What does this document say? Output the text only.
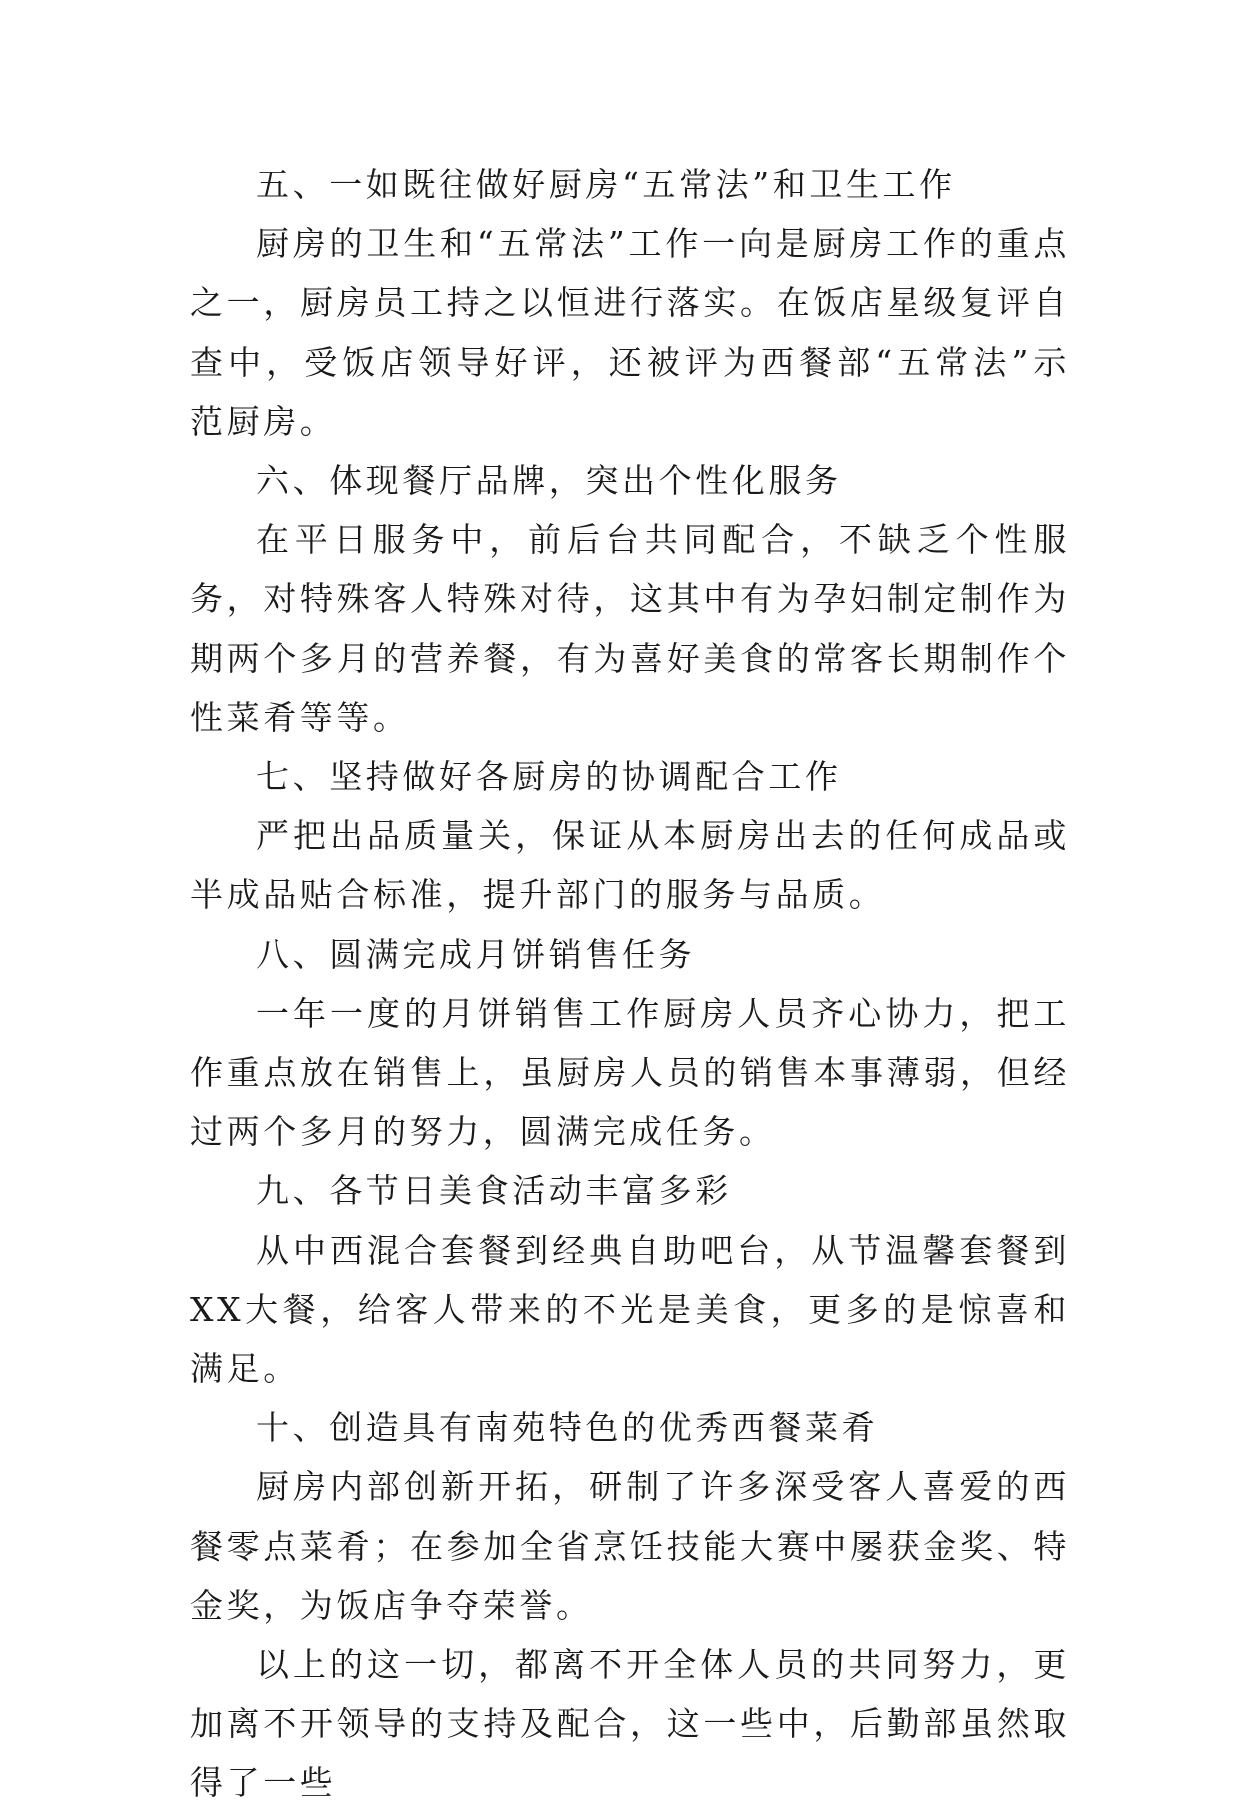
五、一如既往做好厨房“五常法”和卫生工作

厨房的卫生和“五常法”工作一向是厨房工作的重点之一，厨房员工持之以恒进行落实。在饭店星级复评自查中，受饭店领导好评，还被评为西餐部“五常法”示范厨房。

六、体现餐厅品牌，突出个性化服务

在平日服务中，前后台共同配合，不缺乏个性服务，对特殊客人特殊对待，这其中有为孕妇制定制作为期两个多月的营养餐，有为喜好美食的常客长期制作个性菜肴等等。

七、坚持做好各厨房的协调配合工作

严把出品质量关，保证从本厨房出去的任何成品或半成品贴合标准，提升部门的服务与品质。

八、圆满完成月饼销售任务

一年一度的月饼销售工作厨房人员齐心协力，把工作重点放在销售上，虽厨房人员的销售本事薄弱，但经过两个多月的努力，圆满完成任务。

九、各节日美食活动丰富多彩

从中西混合套餐到经典自助吧台，从节温馨套餐到XX大餐，给客人带来的不光是美食，更多的是惊喜和满足。

十、创造具有南苑特色的优秀西餐菜肴

厨房内部创新开拓，研制了许多深受客人喜爱的西餐零点菜肴；在参加全省烹饪技能大赛中屡获金奖、特金奖，为饭店争夺荣誉。

以上的这一切，都离不开全体人员的共同努力，更加离不开领导的支持及配合，这一些中，后勤部虽然取得了一些
